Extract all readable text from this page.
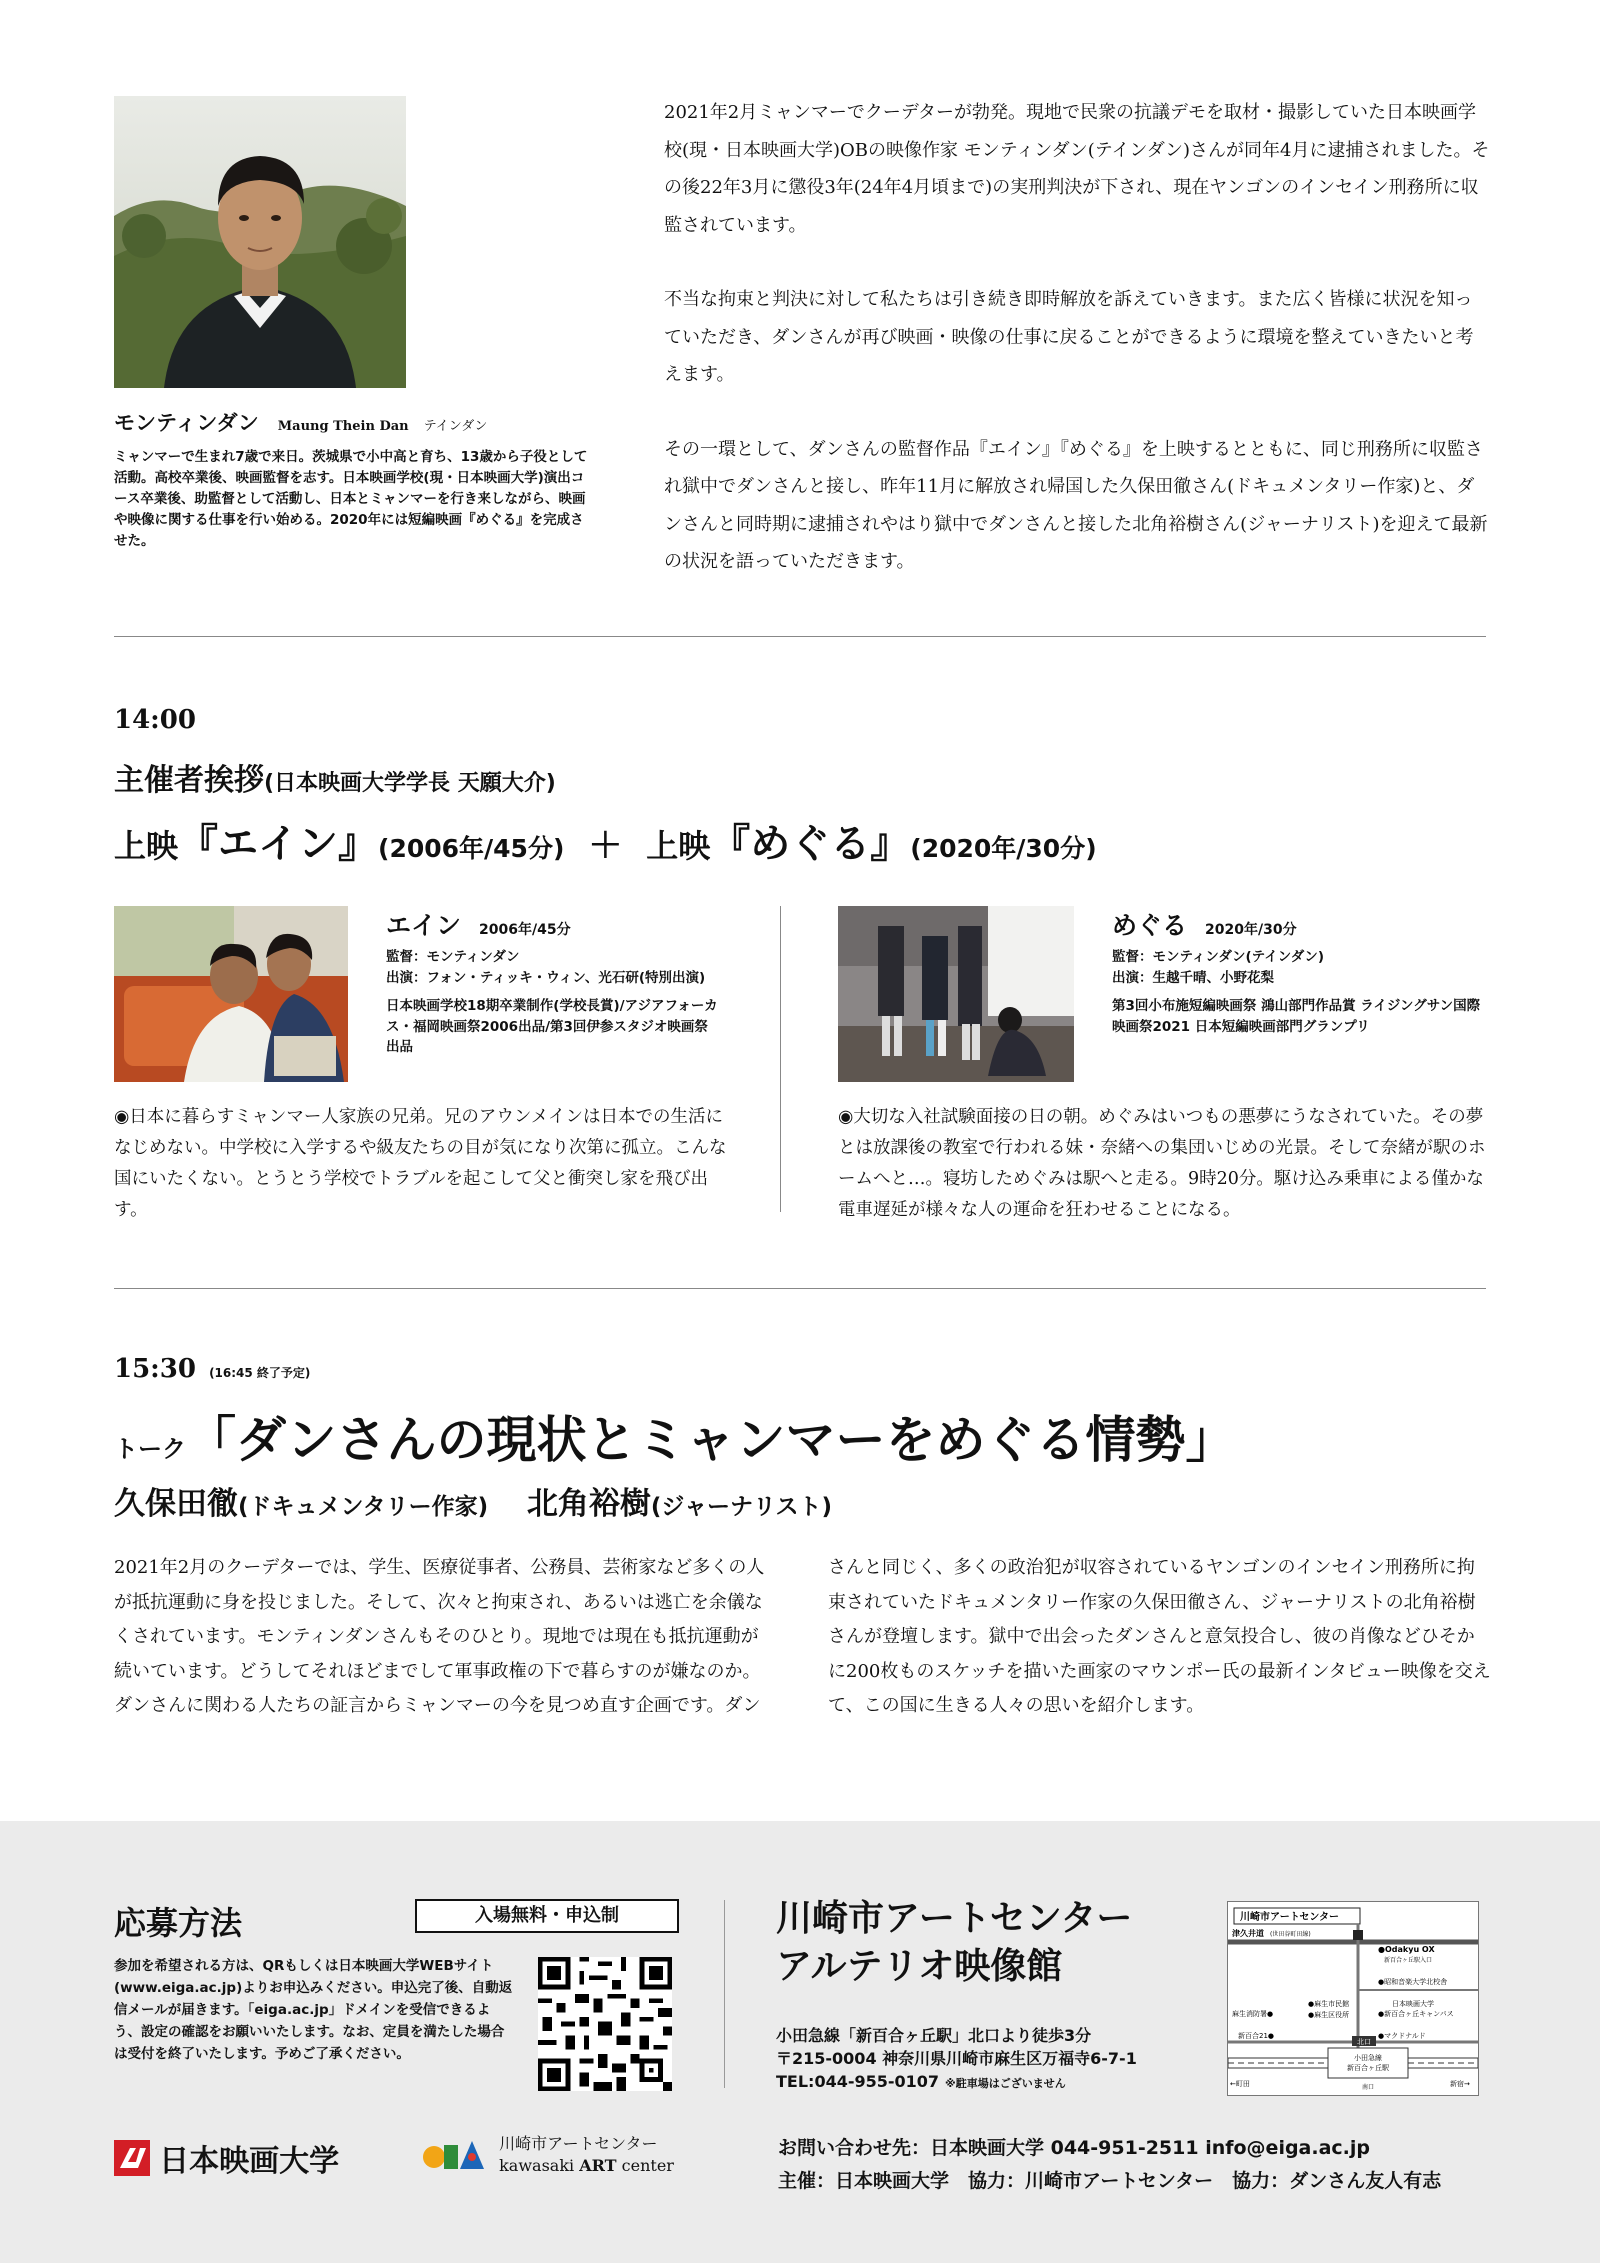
モンティンダン Maung Thein Dan テインダン
ミャンマーで生まれ7歳で来日。茨城県で小中高と育ち、13歳から子役として活動。高校卒業後、映画監督を志す。日本映画学校(現・日本映画大学)演出コース卒業後、助監督として活動し、日本とミャンマーを行き来しながら、映画や映像に関する仕事を行い始める。2020年には短編映画『めぐる』を完成させた。

2021年2月ミャンマーでクーデターが勃発。現地で民衆の抗議デモを取材・撮影していた日本映画学校(現・日本映画大学)OBの映像作家 モンティンダン(テインダン)さんが同年4月に逮捕されました。その後22年3月に懲役3年(24年4月頃まで)の実刑判決が下され、現在ヤンゴンのインセイン刑務所に収監されています。

不当な拘束と判決に対して私たちは引き続き即時解放を訴えていきます。また広く皆様に状況を知っていただき、ダンさんが再び映画・映像の仕事に戻ることができるように環境を整えていきたいと考えます。

その一環として、ダンさんの監督作品『エイン』『めぐる』を上映するとともに、同じ刑務所に収監され獄中でダンさんと接し、昨年11月に解放され帰国した久保田徹さん(ドキュメンタリー作家)と、ダンさんと同時期に逮捕されやはり獄中でダンさんと接した北角裕樹さん(ジャーナリスト)を迎えて最新の状況を語っていただきます。

14:00
主催者挨拶(日本映画大学学長 天願大介)
上映『エイン』(2006年/45分) ＋ 上映『めぐる』(2020年/30分)
エイン 2006年/45分
監督：モンティンダン
出演：フォン・ティッキ・ウィン、光石研(特別出演)
日本映画学校18期卒業制作(学校長賞)/アジアフォーカス・福岡映画祭2006出品/第3回伊参スタジオ映画祭 出品
◉日本に暮らすミャンマー人家族の兄弟。兄のアウンメインは日本での生活になじめない。中学校に入学するや級友たちの目が気になり次第に孤立。こんな国にいたくない。とうとう学校でトラブルを起こして父と衝突し家を飛び出す。
めぐる 2020年/30分
監督：モンティンダン(テインダン)
出演：生越千晴、小野花梨
第3回小布施短編映画祭 鴻山部門作品賞 ライジングサン国際映画祭2021 日本短編映画部門グランプリ
◉大切な入社試験面接の日の朝。めぐみはいつもの悪夢にうなされていた。その夢とは放課後の教室で行われる妹・奈緒への集団いじめの光景。そして奈緒が駅のホームへと…。寝坊しためぐみは駅へと走る。9時20分。駆け込み乗車による僅かな電車遅延が様々な人の運命を狂わせることになる。
15:30 (16:45 終了予定)
トーク「ダンさんの現状とミャンマーをめぐる情勢」
久保田徹(ドキュメンタリー作家) 北角裕樹(ジャーナリスト)
2021年2月のクーデターでは、学生、医療従事者、公務員、芸術家など多くの人が抵抗運動に身を投じました。そして、次々と拘束され、あるいは逃亡を余儀なくされています。モンティンダンさんもそのひとり。現地では現在も抵抗運動が続いています。どうしてそれほどまでして軍事政権の下で暮らすのが嫌なのか。ダンさんに関わる人たちの証言からミャンマーの今を見つめ直す企画です。ダン
さんと同じく、多くの政治犯が収容されているヤンゴンのインセイン刑務所に拘束されていたドキュメンタリー作家の久保田徹さん、ジャーナリストの北角裕樹さんが登壇します。獄中で出会ったダンさんと意気投合し、彼の肖像などひそかに200枚ものスケッチを描いた画家のマウンポー氏の最新インタビュー映像を交えて、この国に生きる人々の思いを紹介します。
応募方法	入場無料・申込制
参加を希望される方は、QRもしくは日本映画大学WEBサイト(www.eiga.ac.jp)よりお申込みください。申込完了後、自動返信メールが届きます。「eiga.ac.jp」ドメインを受信できるよう、設定の確認をお願いいたします。なお、定員を満たした場合は受付を終了いたします。予めご了承ください。
川崎市アートセンター
アルテリオ映像館
小田急線「新百合ヶ丘駅」北口より徒歩3分
〒215-0004 神奈川県川崎市麻生区万福寺6-7-1
TEL:044-955-0107 ※駐車場はございません
川崎市アートセンター
津久井道 (世田谷町田線)
小田急線
新百合ヶ丘駅
南口
北口
●Odakyu OX
新百合ヶ丘駅入口
●昭和音楽大学北校舎
●麻生市民館
●麻生区役所
麻生消防署●
日本映画大学
●新百合ヶ丘キャンパス
新百合21●	●マクドナルド
←町田	新宿→
お問い合わせ先：日本映画大学 044-951-2511 info@eiga.ac.jp
主催：日本映画大学　協力：川崎市アートセンター　協力：ダンさん友人有志
日本映画大学

川崎市アートセンター
kawasaki ART center
